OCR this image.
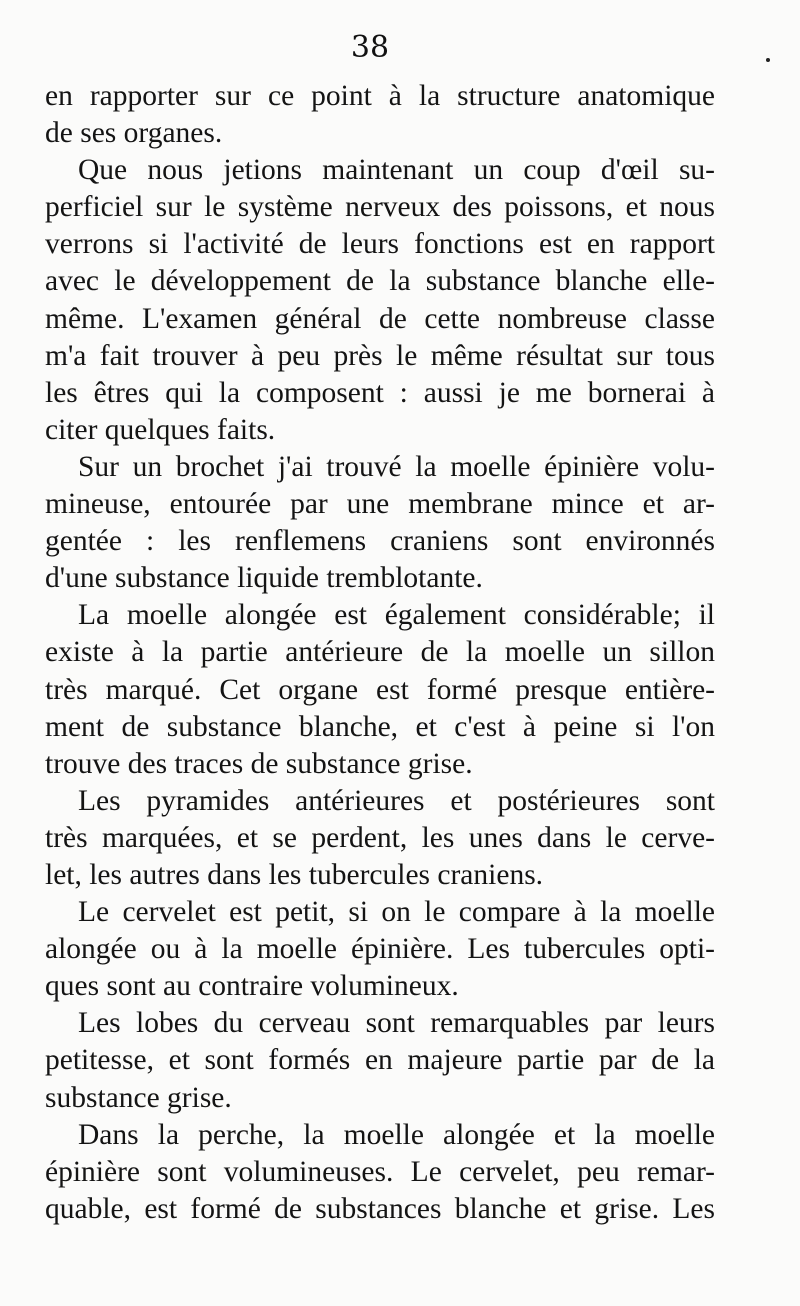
38
en rapporter sur ce point à la structure anatomique
de ses organes.
Que nous jetions maintenant un coup d'œil su-
perficiel sur le système nerveux des poissons, et nous
verrons si l'activité de leurs fonctions est en rapport
avec le développement de la substance blanche elle-
même. L'examen général de cette nombreuse classe
m'a fait trouver à peu près le même résultat sur tous
les êtres qui la composent : aussi je me bornerai à
citer quelques faits.
Sur un brochet j'ai trouvé la moelle épinière volu-
mineuse, entourée par une membrane mince et ar-
gentée : les renflemens craniens sont environnés
d'une substance liquide tremblotante.
La moelle alongée est également considérable; il
existe à la partie antérieure de la moelle un sillon
très marqué. Cet organe est formé presque entière-
ment de substance blanche, et c'est à peine si l'on
trouve des traces de substance grise.
Les pyramides antérieures et postérieures sont
très marquées, et se perdent, les unes dans le cerve-
let, les autres dans les tubercules craniens.
Le cervelet est petit, si on le compare à la moelle
alongée ou à la moelle épinière. Les tubercules opti-
ques sont au contraire volumineux.
Les lobes du cerveau sont remarquables par leurs
petitesse, et sont formés en majeure partie par de la
substance grise.
Dans la perche, la moelle alongée et la moelle
épinière sont volumineuses. Le cervelet, peu remar-
quable, est formé de substances blanche et grise. Les
